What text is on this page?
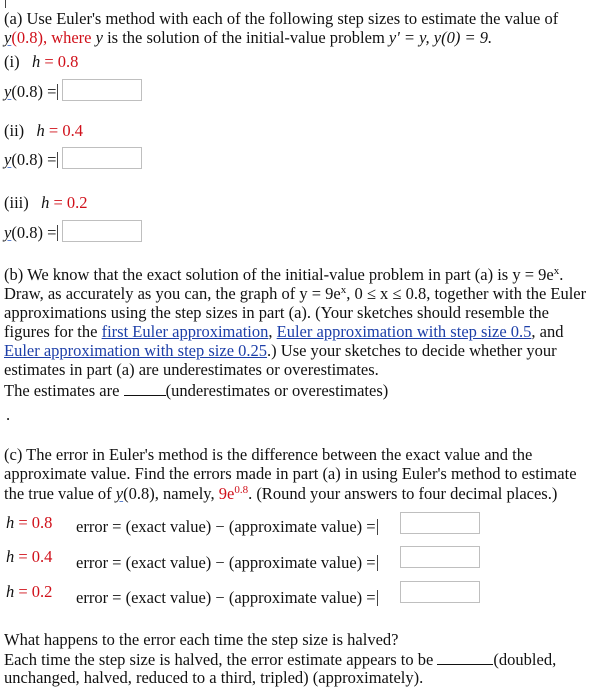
(a) Use Euler's method with each of the following step sizes to estimate the value of
y(0.8), where y is the solution of the initial-value problem y' = y, y(0) = 9.
(i) h = 0.8
y(0.8) =
(ii) h = 0.4
y(0.8) =
(iii) h = 0.2
y(0.8) =
(b) We know that the exact solution of the initial-value problem in part (a) is $y = 9e^x$.
Draw, as accurately as you can, the graph of $y = 9e^x$, 0 ≤ x ≤ 0.8, together with the Euler
approximations using the step sizes in part (a). (Your sketches should resemble the
figures for the first Euler approximation, Euler approximation with step size 0.5, and
Euler approximation with step size 0.25.) Use your sketches to decide whether your
estimates in part (a) are underestimates or overestimates.
The estimates are	(underestimates or overestimates)
.
(c) The error in Euler's method is the difference between the exact value and the
approximate value. Find the errors made in part (a) in using Euler's method to estimate
the true value of y(0.8), namely, $9e^{0.8}$. (Round your answers to four decimal places.)
h = 0.8 error = (exact value) − (approximate value) =
h = 0.4 error = (exact value) − (approximate value) =
h = 0.2 error = (exact value) − (approximate value) =
What happens to the error each time the step size is halved?
Each time the step size is halved, the error estimate appears to be	(doubled,
unchanged, halved, reduced to a third, tripled) (approximately).
